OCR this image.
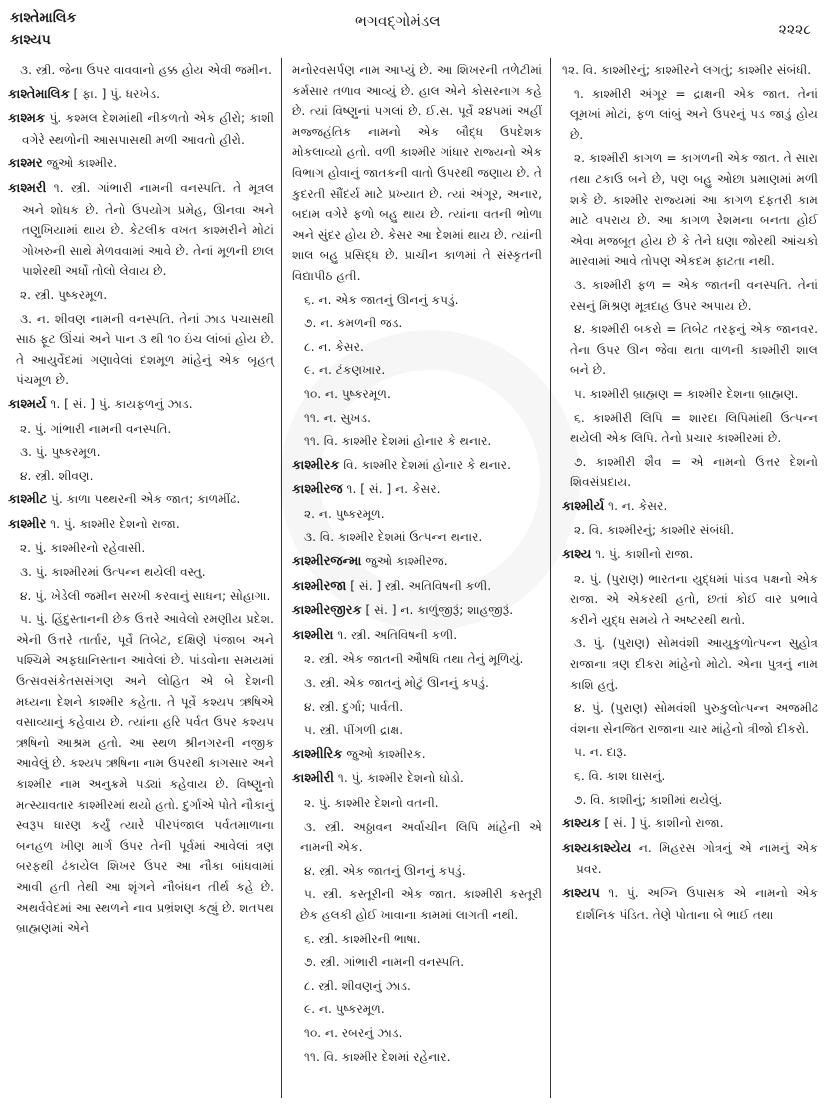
કાશ્તેમાલિક
કાશ્યપ
ભગવદ્ગોમંડલ	૨૨૨૮

૩. સ્ત્રી. જેના ઉપર વાવવાનો હક્ક હોય એવી જમીન.

કાશ્તેમાલિક [ ફા. ] પું. ધરખેડ.

કાશ્મક પું. કશ્મલ દેશમાંથી નીકળતો એક હીરો; કાશી વગેરે સ્થળોની આસપાસથી મળી આવતો હીરો.

કાશ્મર જુઓ કાશ્મીર.

કાશ્મરી ૧. સ્ત્રી. ગાંભારી નામની વનસ્પતિ. તે મૂત્રલ અને શોધક છે. તેનો ઉપયોગ પ્રમેહ, ઊનવા અને તણુખિયામાં થાય છે. કેટલીક વખત કાશ્મરીને મોટાં ગોખરુની સાથે મેળવવામાં આવે છે. તેનાં મૂળની છાલ પાશેરથી અર્ધો તોલો લેવાય છે.

૨. સ્ત્રી. પુષ્કરમૂળ.

૩. ન. શીવણ નામની વનસ્પતિ. તેનાં ઝાડ પચાસથી સાઠ ફૂટ ઊંચાં અને પાન ૩ થી ૧૦ ઇંચ લાંબાં હોય છે. તે આયુર્વેદમાં ગણાવેલાં દશમૂળ માંહેનું એક બૃહત્ પંચમૂળ છે.

કાશ્મર્ય ૧. [ સં. ] પું. કાયફળનું ઝાડ.

૨. પું. ગાંભારી નામની વનસ્પતિ.

૩. પું. પુષ્કરમૂળ.

૪. સ્ત્રી. શીવણ.

કાશ્મીટ પું. કાળા પથ્થરની એક જાત; કાળમીંઢ.

કાશ્મીર ૧. પું. કાશ્મીર દેશનો રાજા.

૨. પું. કાશ્મીરનો રહેવાસી.

૩. પું. કાશ્મીરમાં ઉત્પન્ન થયેલી વસ્તુ.

૪. પું. ખેડેલી જમીન સરખી કરવાનું સાધન; સોહાગા.

૫. પું. હિંદુસ્તાનની છેક ઉત્તરે આવેલો રમણીય પ્રદેશ. એની ઉત્તરે તાર્તાર, પૂર્વે તિબેટ, દક્ષિણે પંજાબ અને પશ્ચિમે અફઘાનિસ્તાન આવેલાં છે. પાંડવોના સમયમાં ઉત્સવસંકેતસસંગણ અને લોહિત એ બે દેશની મધ્યના દેશને કાશ્મીર કહેતા. તે પૂર્વે કશ્યપ ઋષિએ વસાવ્યાનું કહેવાય છે. ત્યાંના હરિ પર્વત ઉપર કશ્યપ ઋષિનો આશ્રમ હતો. આ સ્થળ શ્રીનગરની નજીક આવેલું છે. કશ્યપ ઋષિના નામ ઉપરથી કાગસાર અને કાશ્મીર નામ અનુક્રમે પડ્યાં કહેવાય છે. વિષ્ણુનો મત્સ્યાવતાર કાશ્મીરમાં થયો હતો. દુર્ગાએ પોતે નૌકાનું સ્વરૂપ ધારણ કર્યું ત્યારે પીરપંજાલ પર્વતમાળાના બનહળ ખીણ માર્ગ ઉપર તેની પૂર્વમાં આવેલાં ત્રણ બરફથી ઢંકાયેલ શિખર ઉપર આ નૌકા બાંધવામાં આવી હતી તેથી આ શૃંગને નૌબંધન તીર્થ કહે છે. અથર્વવેદમાં આ સ્થળને નાવ પ્રભ્રંશણ કહ્યું છે. શતપથ બ્રાહ્મણમાં એને

મનોરવસર્પણ નામ આપ્યું છે. આ શિખરની તળેટીમાં કર્મસાર તળાવ આવ્યું છે. હાલ એને કોસરનાગ કહે છે. ત્યાં વિષ્ણુનાં પગલાં છે. ઈ.સ. પૂર્વે ૨૪૫માં અહીં મજ્જહંતિક નામનો એક બૌદ્ધ ઉપદેશક મોકલાવ્યો હતો. વળી કાશ્મીર ગાંધાર રાજ્યનો એક વિભાગ હોવાનું જાતકની વાતો ઉપરથી જણાય છે. તે કુદરતી સૌંદર્ય માટે પ્રખ્યાત છે. ત્યાં અંગૂર, અનાર, બદામ વગેરે ફળો બહુ થાય છે. ત્યાંના વતની ભોળા અને સુંદર હોય છે. કેસર આ દેશમાં થાય છે. ત્યાંની શાલ બહુ પ્રસિદ્ધ છે. પ્રાચીન કાળમાં તે સંસ્કૃતની વિદ્યાપીઠ હતી.

૬. ન. એક જાતનું ઊનનું કપડું.

૭. ન. કમળની જડ.

૮. ન. કેસર.

૯. ન. ટંકણખાર.

૧૦. ન. પુષ્કરમૂળ.

૧૧. ન. સુખડ.

૧૧. વિ. કાશ્મીર દેશમાં હોનાર કે થનાર.

કાશ્મીરક વિ. કાશ્મીર દેશમાં હોનાર કે થનાર.

કાશ્મીરજ ૧. [ સં. ] ન. કેસર.

૨. ન. પુષ્કરમૂળ.

૩. વિ. કાશ્મીર દેશમાં ઉત્પન્ન થનાર.

કાશ્મીરજન્મા જુઓ કાશ્મીરજ.

કાશ્મીરજા [ સં. ] સ્ત્રી. અતિવિષની કળી.

કાશ્મીરજીરક [ સં. ] ન. કાળુંજીરૂં; શાહજીરૂં.

કાશ્મીરા ૧. સ્ત્રી. અતિવિષની કળી.

૨. સ્ત્રી. એક જાતની ઔષધિ તથા તેનું મૂળિયું.

૩. સ્ત્રી. એક જાતનું મોટું ઊનનું કપડું.

૪. સ્ત્રી. દુર્ગા; પાર્વતી.

૫. સ્ત્રી. પીંગળી દ્રાક્ષ.

કાશ્મીરિક જુઓ કાશ્મીરક.

કાશ્મીરી ૧. પું. કાશ્મીર દેશનો ઘોડો.

૨. પું. કાશ્મીર દેશનો વતની.

૩. સ્ત્રી. અઠ્ઠાવન અર્વાચીન લિપિ માંહેની એ નામની એક.

૪. સ્ત્રી. એક જાતનું ઊનનું કપડું.

૫. સ્ત્રી. કસ્તૂરીની એક જાત. કાશ્મીરી કસ્તૂરી છેક હલકી હોઈ ખાવાના કામમાં લાગતી નથી.

૬. સ્ત્રી. કાશ્મીરની ભાષા.

૭. સ્ત્રી. ગાંભારી નામની વનસ્પતિ.

૮. સ્ત્રી. શીવણનું ઝાડ.

૯. ન. પુષ્કરમૂળ.

૧૦. ન. રબરનું ઝાડ.

૧૧. વિ. કાશ્મીર દેશમાં રહેનાર.

૧૨. વિ. કાશ્મીરનું; કાશ્મીરને લગતું; કાશ્મીર સંબંધી.

૧. કાશ્મીરી અંગૂર = દ્રાક્ષની એક જાત. તેનાં લૂમખાં મોટાં, ફળ લાંબું અને ઉપરનું પડ જાડું હોય છે.

૨. કાશ્મીરી કાગળ = કાગળની એક જાત. તે સારા તથા ટકાઉ બને છે, પણ બહુ ઓછા પ્રમાણમાં મળી શકે છે. કાશ્મીર રાજ્યમાં આ કાગળ દફતરી કામ માટે વપરાય છે. આ કાગળ રેશમના બનતા હોઈ એવા મજબૂત હોય છે કે તેને ઘણા જોરથી આંચકો મારવામાં આવે તોપણ એકદમ ફાટતા નથી.

૩. કાશ્મીરી ફળ = એક જાતની વનસ્પતિ. તેનાં રસનું મિશ્રણ મૂત્રદાહ ઉપર અપાય છે.

૪. કાશ્મીરી બકરો = તિબેટ તરફનું એક જાનવર. તેના ઉપર ઊન જેવા થતા વાળની કાશ્મીરી શાલ બને છે.

૫. કાશ્મીરી બ્રાહ્મણ = કાશ્મીર દેશના બ્રાહ્મણ.

૬. કાશ્મીરી લિપિ = શારદા લિપિમાંથી ઉત્પન્ન થયેલી એક લિપિ. તેનો પ્રચાર કાશ્મીરમાં છે.

૭. કાશ્મીરી શૈવ = એ નામનો ઉત્તર દેશનો શિવસંપ્રદાય.

કાશ્મીર્ય ૧. ન. કેસર.

૨. વિ. કાશ્મીરનું; કાશ્મીર સંબંધી.

કાશ્ય ૧. પું. કાશીનો રાજા.

૨. પું. (પુરાણ) ભારતના યુદ્ધમાં પાંડવ પક્ષનો એક રાજા. એ એકરથી હતો, છતાં કોઈ વાર પ્રભાવે કરીને યુદ્ધ સમયે તે અષ્ટરથી થતો.

૩. પું. (પુરાણ) સોમવંશી આયુકુળોત્પન્ન સુહોત્ર રાજાના ત્રણ દીકરા માંહેનો મોટો. એના પુત્રનું નામ કાશિ હતું.

૪. પું. (પુરાણ) સોમવંશી પુરુકુલોત્પન્ન અજમીઢ વંશના સેનજિત રાજાના ચાર માંહેનો ત્રીજો દીકરો.

૫. ન. દારૂ.

૬. વિ. કાશ ઘાસનું.

૭. વિ. કાશીનું; કાશીમાં થયેલું.

કાશ્યક [ સં. ] પું. કાશીનો રાજા.

કાશ્યકાશ્યેય ન. મિહરસ ગોત્રનું એ નામનું એક પ્રવર.

કાશ્યપ ૧. પું. અગ્નિ ઉપાસક એ નામનો એક દાર્શનિક પંડિત. તેણે પોતાના બે ભાઈ તથા
